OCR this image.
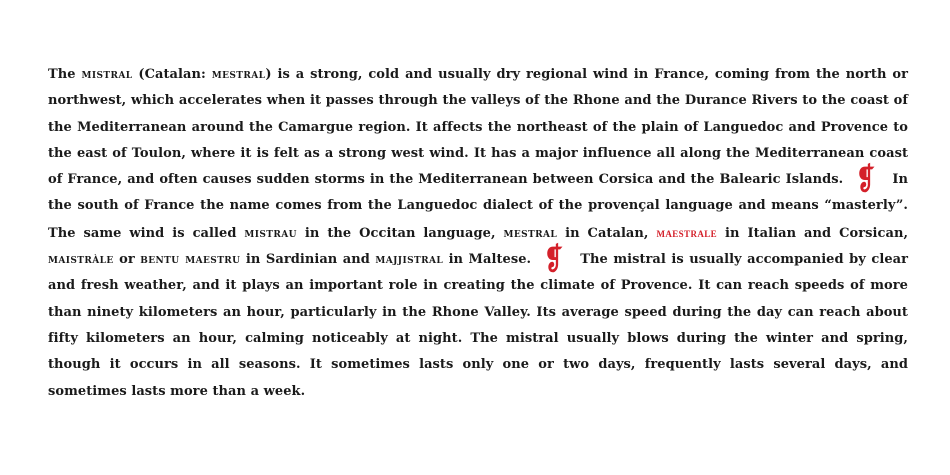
The mistral (Catalan: mestral) is a strong, cold and usually dry regional wind in France, coming from the north or northwest, which accelerates when it passes through the valleys of the Rhone and the Durance Rivers to the coast of the Mediterranean around the Camargue region. It affects the northeast of the plain of Languedoc and Provence to the east of Toulon, where it is felt as a strong west wind. It has a major influence all along the Mediterranean coast of France, and often causes sudden storms in the Mediterranean between Corsica and the Balearic Islands. ❡ In the south of France the name comes from the Languedoc dialect of the provençal language and means “masterly”. The same wind is called mistrau in the Occitan language, mestral in Catalan, maestrale in Italian and Corsican, maistràle or bentu maestru in Sardinian and majjistral in Maltese. ❡ The mistral is usually accompanied by clear and fresh weather, and it plays an important role in creating the climate of Provence. It can reach speeds of more than ninety kilometers an hour, particularly in the Rhone Valley. Its average speed during the day can reach about fifty kilometers an hour, calming noticeably at night. The mistral usually blows during the winter and spring, though it occurs in all seasons. It sometimes lasts only one or two days, frequently lasts several days, and sometimes lasts more than a week.
